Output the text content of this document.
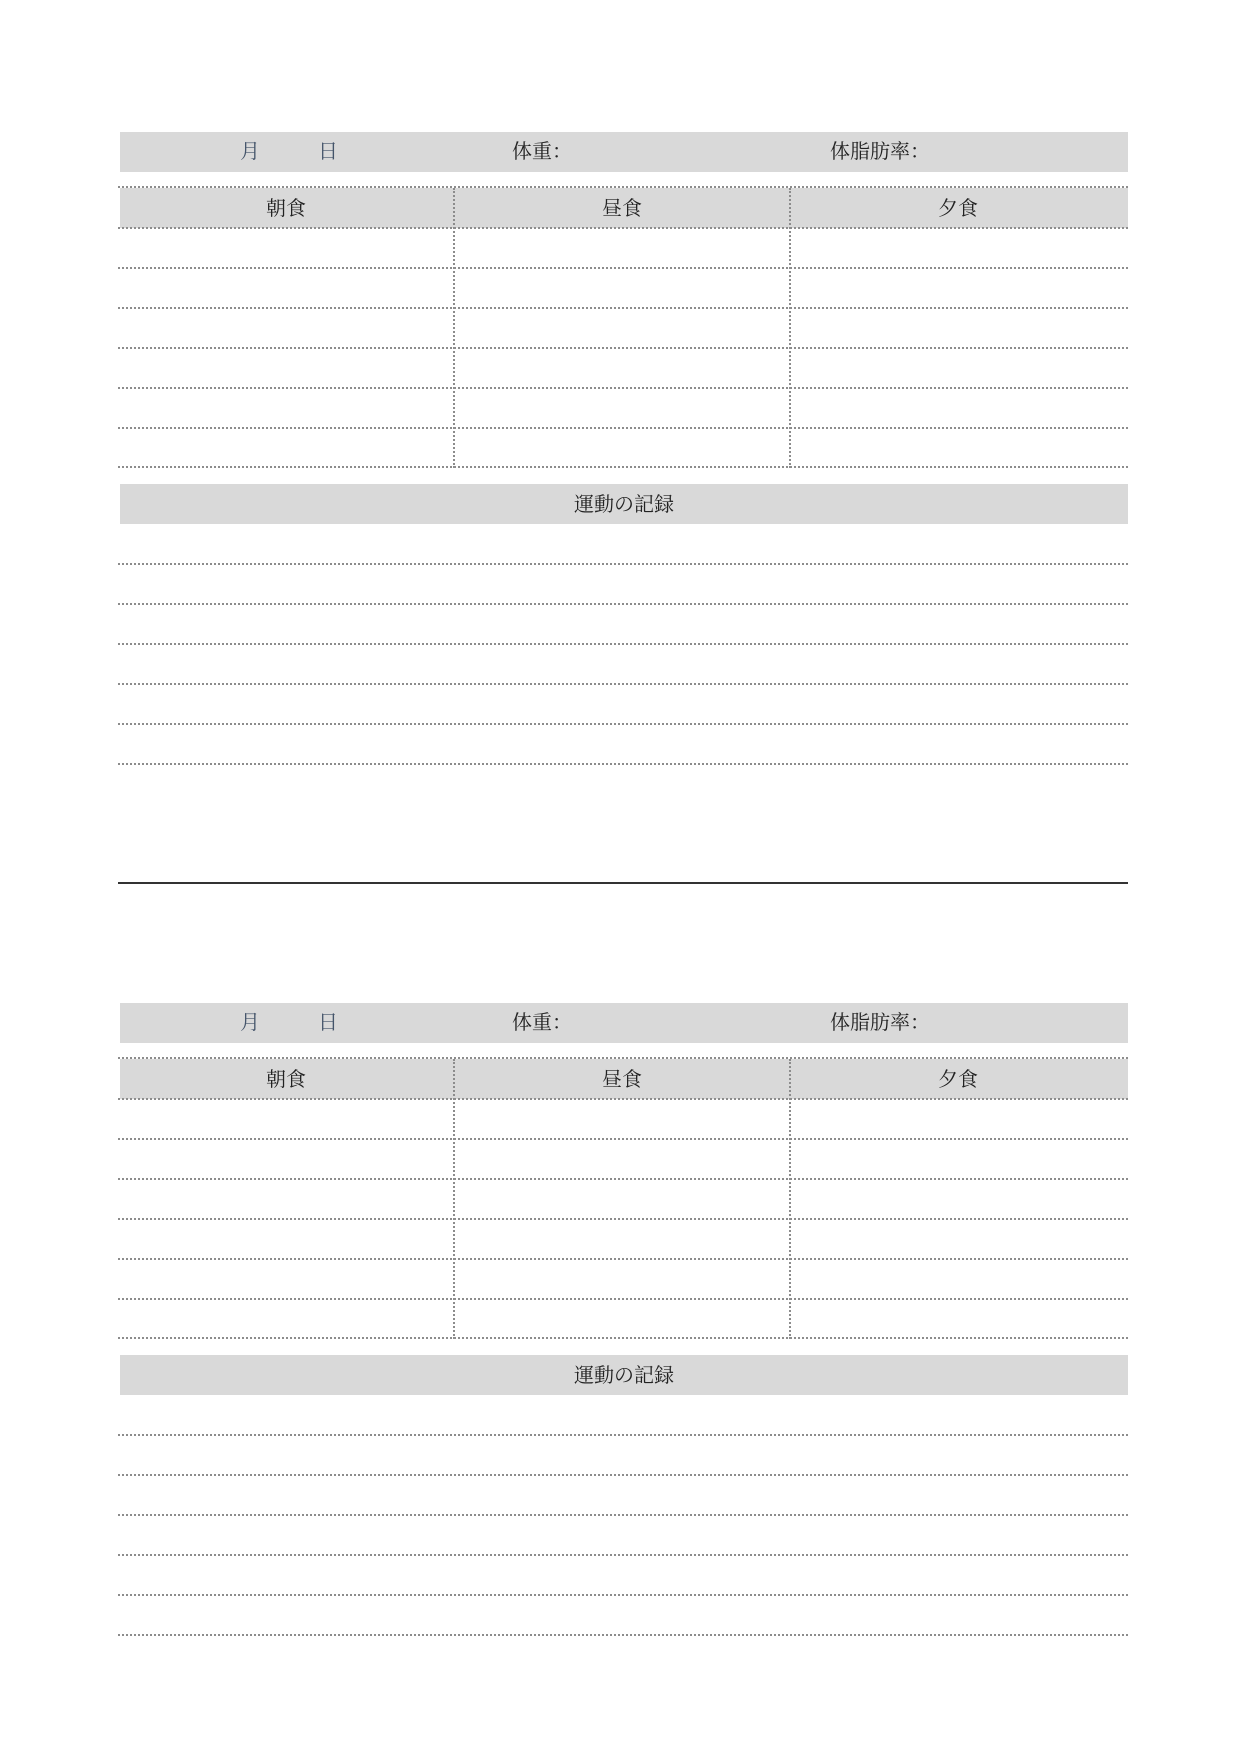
月	日	体重：	体脂肪率：
朝食	昼食	夕食
運動の記録
月	日	体重：	体脂肪率：
朝食	昼食	夕食
運動の記録
